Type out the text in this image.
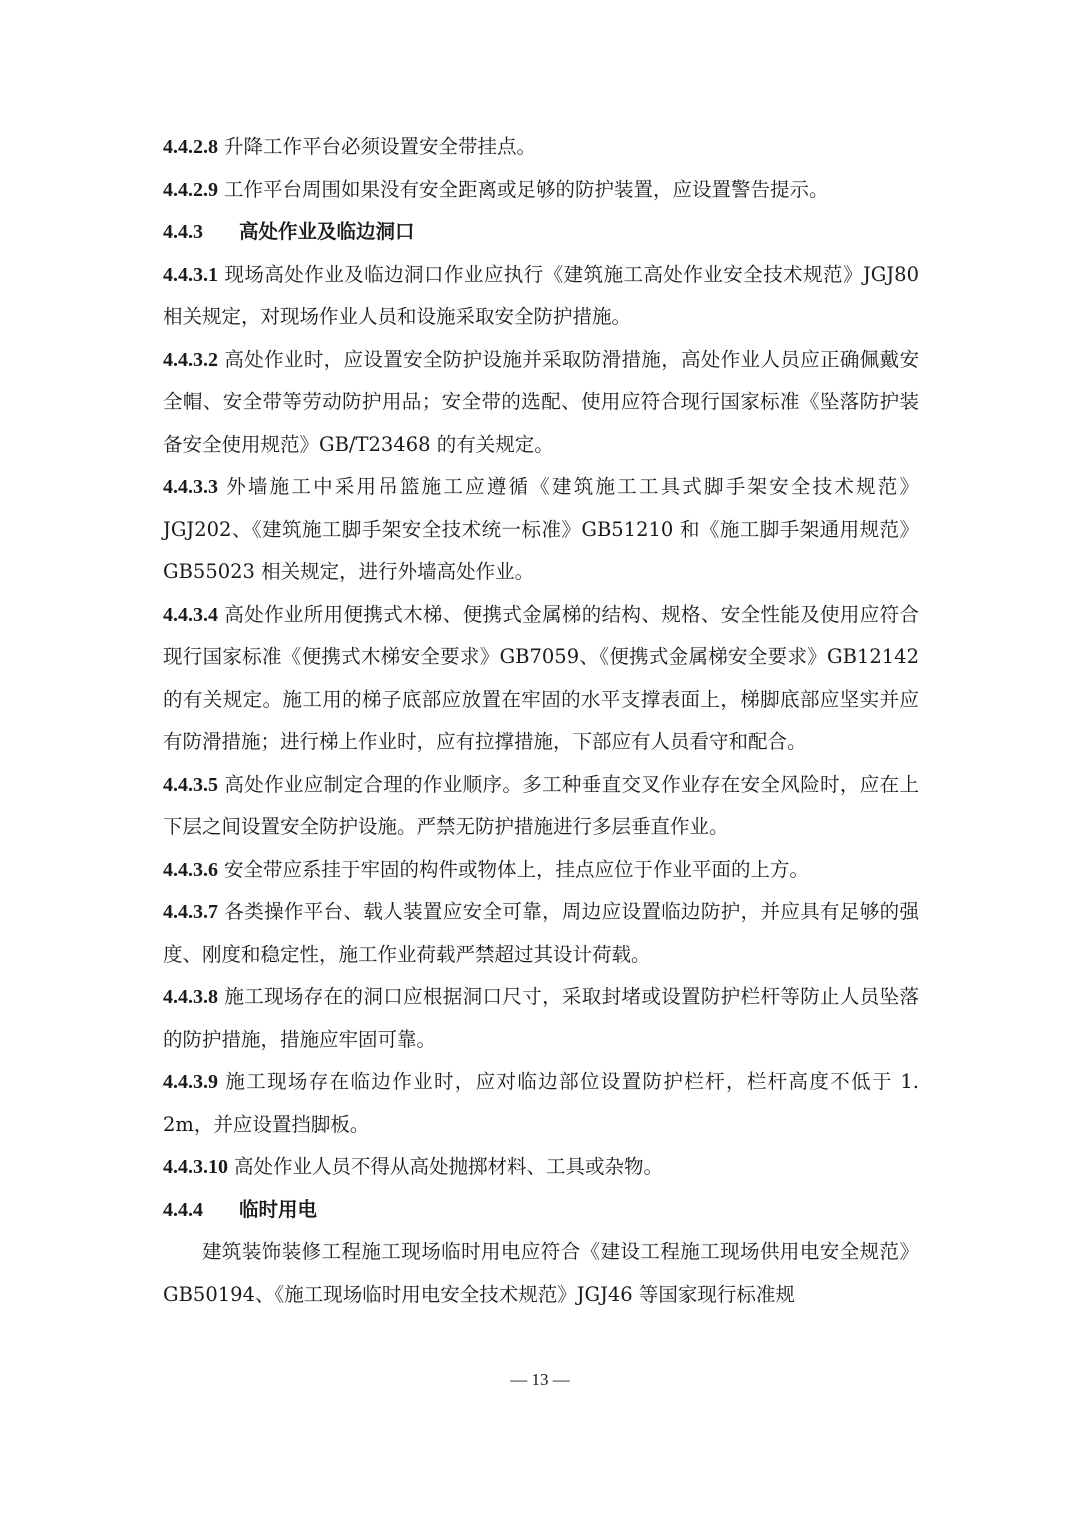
4.4.2.8 升降工作平台必须设置安全带挂点。

4.4.2.9 工作平台周围如果没有安全距离或足够的防护装置，应设置警告提示。

4.4.3 高处作业及临边洞口

4.4.3.1 现场高处作业及临边洞口作业应执行《建筑施工高处作业安全技术规范》JGJ80 相关规定，对现场作业人员和设施采取安全防护措施。

4.4.3.2 高处作业时，应设置安全防护设施并采取防滑措施，高处作业人员应正确佩戴安全帽、安全带等劳动防护用品；安全带的选配、使用应符合现行国家标准《坠落防护装备安全使用规范》GB/T23468 的有关规定。

4.4.3.3 外墙施工中采用吊篮施工应遵循《建筑施工工具式脚手架安全技术规范》JGJ202、《建筑施工脚手架安全技术统一标准》GB51210 和《施工脚手架通用规范》GB55023 相关规定，进行外墙高处作业。

4.4.3.4 高处作业所用便携式木梯、便携式金属梯的结构、规格、安全性能及使用应符合现行国家标准《便携式木梯安全要求》GB7059、《便携式金属梯安全要求》GB12142 的有关规定。施工用的梯子底部应放置在牢固的水平支撑表面上，梯脚底部应坚实并应有防滑措施；进行梯上作业时，应有拉撑措施，下部应有人员看守和配合。

4.4.3.5 高处作业应制定合理的作业顺序。多工种垂直交叉作业存在安全风险时，应在上下层之间设置安全防护设施。严禁无防护措施进行多层垂直作业。

4.4.3.6 安全带应系挂于牢固的构件或物体上，挂点应位于作业平面的上方。

4.4.3.7 各类操作平台、载人装置应安全可靠，周边应设置临边防护，并应具有足够的强度、刚度和稳定性，施工作业荷载严禁超过其设计荷载。

4.4.3.8 施工现场存在的洞口应根据洞口尺寸，采取封堵或设置防护栏杆等防止人员坠落的防护措施，措施应牢固可靠。

4.4.3.9 施工现场存在临边作业时，应对临边部位设置防护栏杆，栏杆高度不低于 1. 2m，并应设置挡脚板。

4.4.3.10 高处作业人员不得从高处抛掷材料、工具或杂物。

4.4.4 临时用电

建筑装饰装修工程施工现场临时用电应符合《建设工程施工现场供用电安全规范》GB50194、《施工现场临时用电安全技术规范》JGJ46 等国家现行标准规

— 13 —
